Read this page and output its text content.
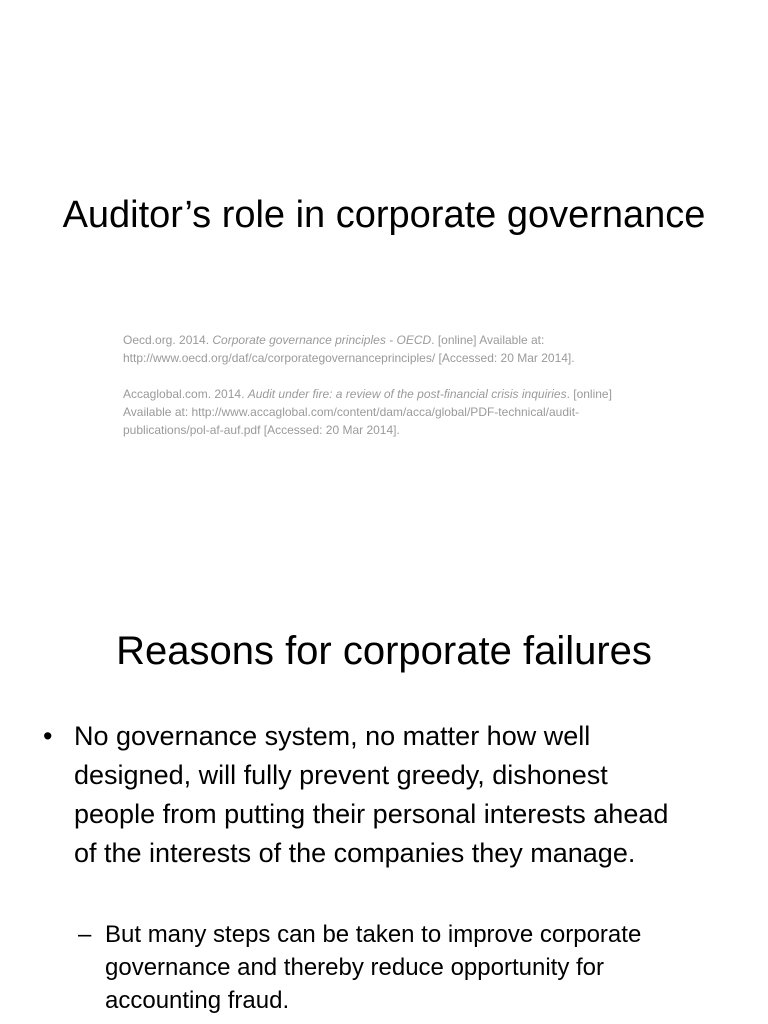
Auditor’s role in corporate governance

Oecd.org. 2014. Corporate governance principles - OECD. [online] Available at: http://www.oecd.org/daf/ca/corporategovernanceprinciples/ [Accessed: 20 Mar 2014].

Accaglobal.com. 2014. Audit under fire: a review of the post-financial crisis inquiries. [online] Available at: http://www.accaglobal.com/content/dam/acca/global/PDF-technical/audit-publications/pol-af-auf.pdf [Accessed: 20 Mar 2014].

Reasons for corporate failures
• No governance system, no matter how well designed, will fully prevent greedy, dishonest people from putting their personal interests ahead of the interests of the companies they manage.
– But many steps can be taken to improve corporate governance and thereby reduce opportunity for accounting fraud.
